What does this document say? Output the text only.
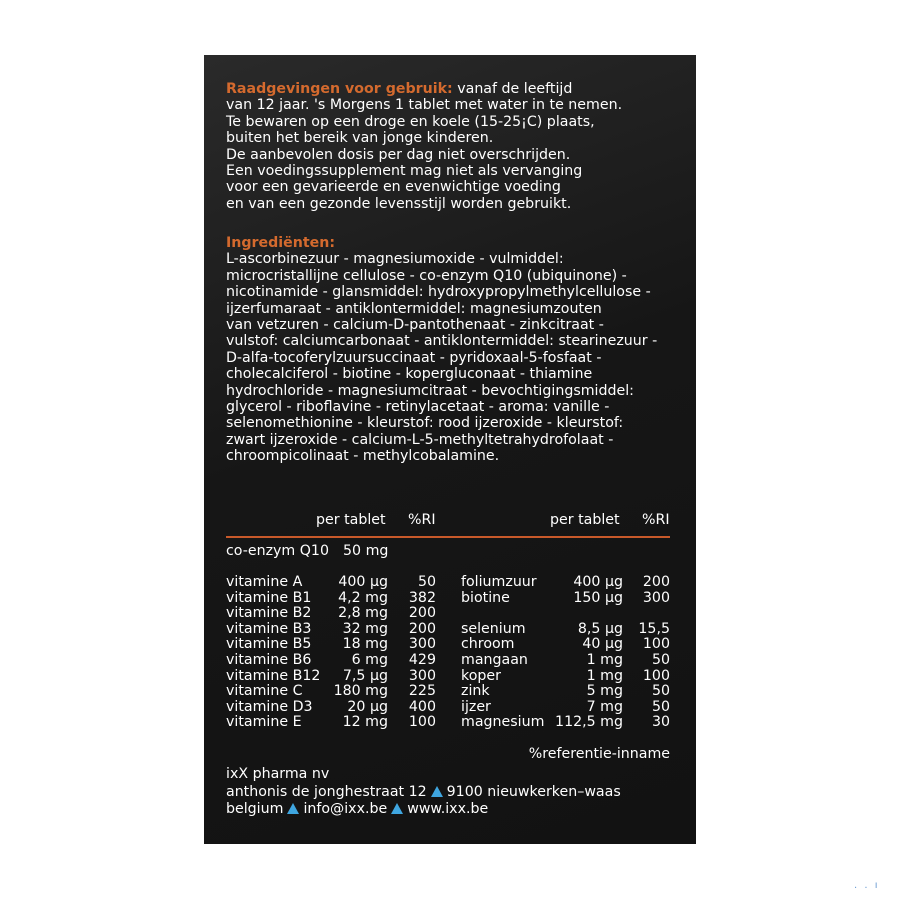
Raadgevingen voor gebruik: vanaf de leeftijd
van 12 jaar. 's Morgens 1 tablet met water in te nemen.
Te bewaren op een droge en koele (15-25¡C) plaats,
buiten het bereik van jonge kinderen.
De aanbevolen dosis per dag niet overschrijden.
Een voedingssupplement mag niet als vervanging
voor een gevarieerde en evenwichtige voeding
en van een gezonde levensstijl worden gebruikt.
Ingrediënten:
L-ascorbinezuur - magnesiumoxide - vulmiddel:
microcristallijne cellulose - co-enzym Q10 (ubiquinone) -
nicotinamide - glansmiddel: hydroxypropylmethylcellulose -
ijzerfumaraat - antiklontermiddel: magnesiumzouten
van vetzuren - calcium-D-pantothenaat - zinkcitraat -
vulstof: calciumcarbonaat - antiklontermiddel: stearinezuur -
D-alfa-tocoferylzuursuccinaat - pyridoxaal-5-fosfaat -
cholecalciferol - biotine - kopergluconaat - thiamine
hydrochloride - magnesiumcitraat - bevochtigingsmiddel:
glycerol - riboflavine - retinylacetaat - aroma: vanille -
selenomethionine - kleurstof: rood ijzeroxide - kleurstof:
zwart ijzeroxide - calcium-L-5-methyltetrahydrofolaat -
chroompicolinaat - methylcobalamine.
per tablet %RI	per tablet %RI
co-enzym Q10 50 mg
vitamine A	400 µg	50
vitamine B1	4,2 mg	382
vitamine B2	2,8 mg	200
vitamine B3	32 mg	200
vitamine B5	18 mg	300
vitamine B6	6 mg	429
vitamine B12	7,5 µg	300
vitamine C	180 mg	225
vitamine D3	20 µg	400
vitamine E	12 mg	100
foliumzuur	400 µg	200
biotine	150 µg	300
selenium	8,5 µg	15,5
chroom	40 µg	100
mangaan	1 mg	50
koper	1 mg	100
zink	5 mg	50
ijzer	7 mg	50
magnesium 112,5 mg	30
%referentie-inname
ixX pharma nv
anthonis de jonghestraat 12 9100 nieuwkerken–waas
belgium info@ixx.be www.ixx.be
. . ı
